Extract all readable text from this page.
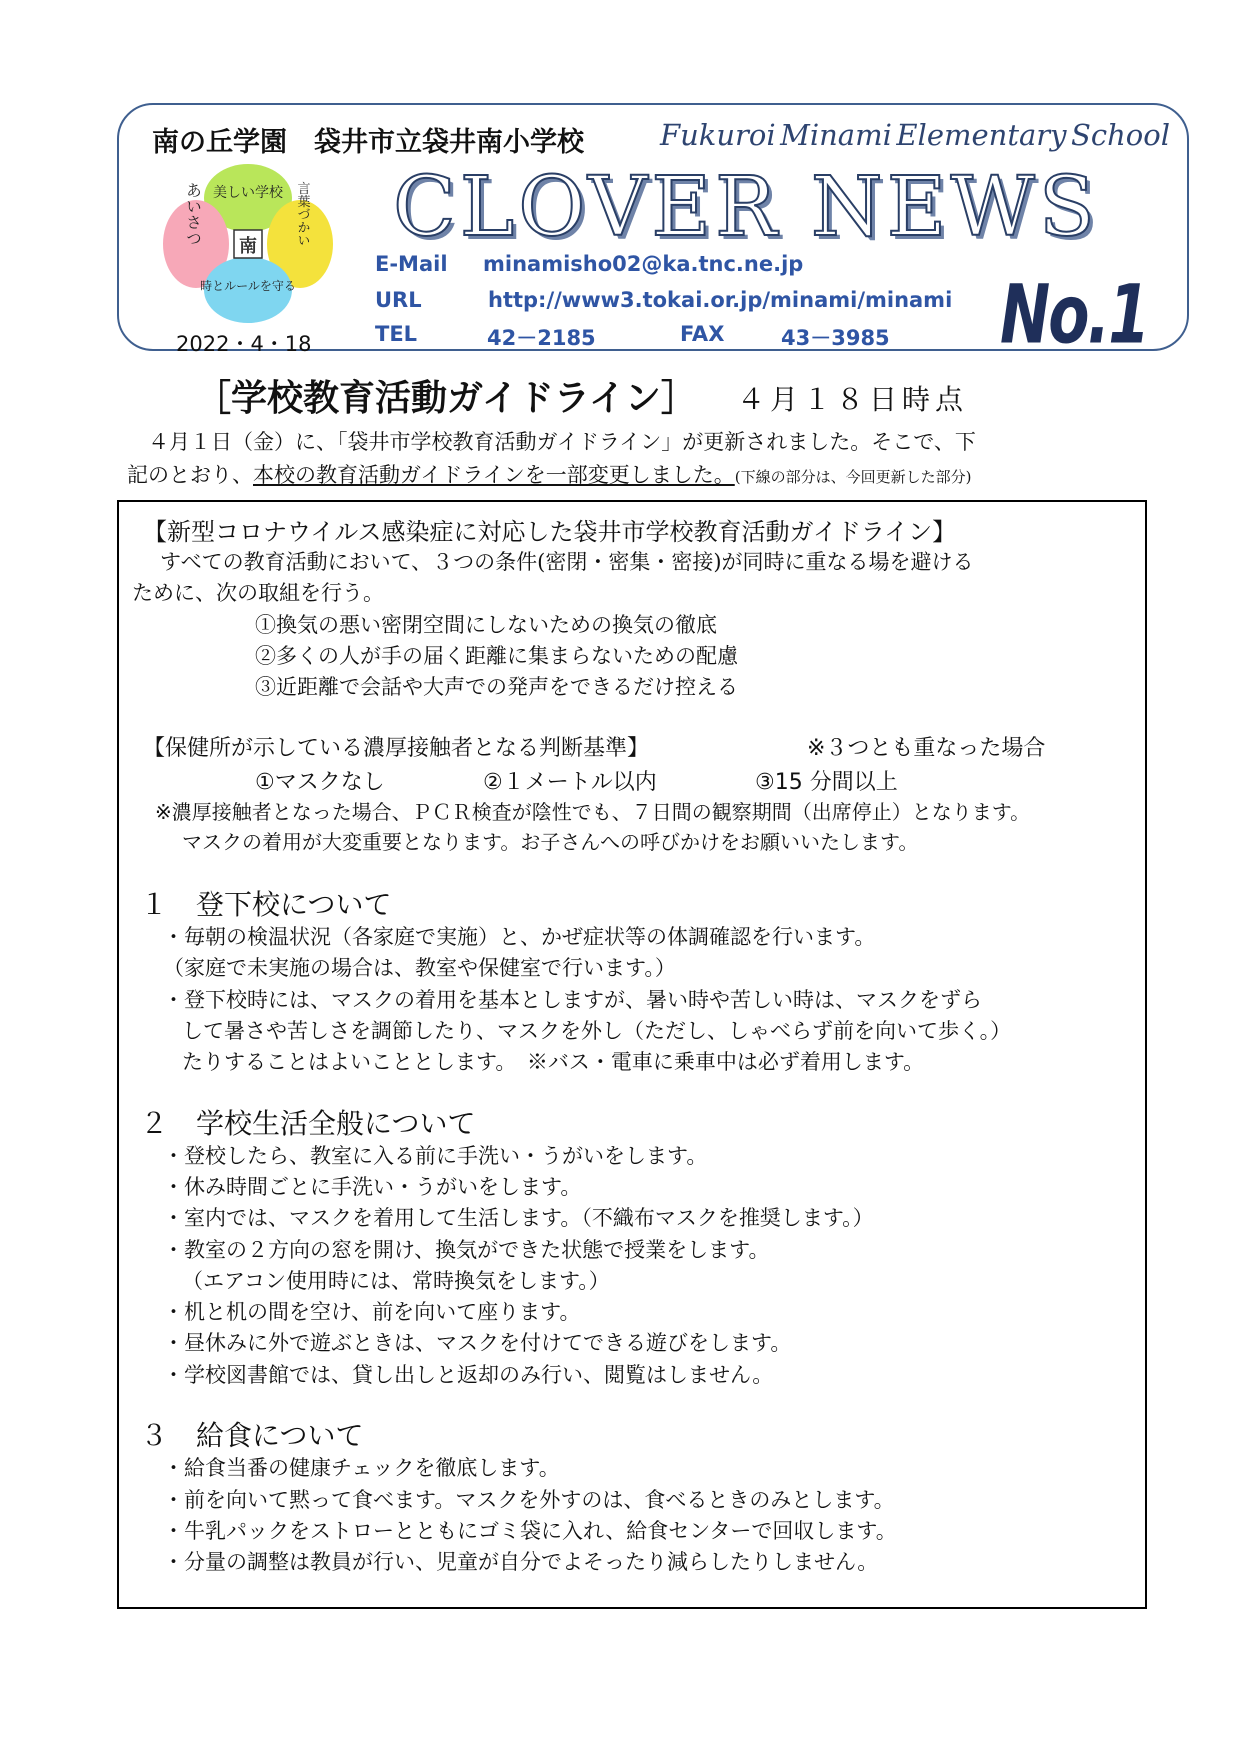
南の丘学園　袋井市立袋井南小学校	Fukuroi Minami Elementary School
南
美しい学校
あいさつ	言葉づかい
時とルールを守る
CLOVER NEWS
E-Mail minamisho02@ka.tnc.ne.jp
URL	http://www3.tokai.or.jp/minami/minami
TEL	42－2185	FAX	43－3985 No.1
2022・4・18
［学校教育活動ガイドライン］ ４月１８日時点
４月１日（金）に、「袋井市学校教育活動ガイドライン」が更新されました。そこで、下
記のとおり、本校の教育活動ガイドラインを一部変更しました。(下線の部分は、今回更新した部分)
【新型コロナウイルス感染症に対応した袋井市学校教育活動ガイドライン】
すべての教育活動において、３つの条件(密閉・密集・密接)が同時に重なる場を避ける
ために、次の取組を行う。
①換気の悪い密閉空間にしないための換気の徹底
②多くの人が手の届く距離に集まらないための配慮
③近距離で会話や大声での発声をできるだけ控える
【保健所が示している濃厚接触者となる判断基準】	※３つとも重なった場合
①マスクなし	②１メートル以内	③15 分間以上
※濃厚接触者となった場合、ＰＣＲ検査が陰性でも、７日間の観察期間（出席停止）となります。
マスクの着用が大変重要となります。お子さんへの呼びかけをお願いいたします。
１　登下校について
・毎朝の検温状況（各家庭で実施）と、かぜ症状等の体調確認を行います。
（家庭で未実施の場合は、教室や保健室で行います。）
・登下校時には、マスクの着用を基本としますが、暑い時や苦しい時は、マスクをずら
して暑さや苦しさを調節したり、マスクを外し（ただし、しゃべらず前を向いて歩く。）
たりすることはよいこととします。　※バス・電車に乗車中は必ず着用します。
２　学校生活全般について
・登校したら、教室に入る前に手洗い・うがいをします。
・休み時間ごとに手洗い・うがいをします。
・室内では、マスクを着用して生活します。（不織布マスクを推奨します。）
・教室の２方向の窓を開け、換気ができた状態で授業をします。
（エアコン使用時には、常時換気をします。）
・机と机の間を空け、前を向いて座ります。
・昼休みに外で遊ぶときは、マスクを付けてできる遊びをします。
・学校図書館では、貸し出しと返却のみ行い、閲覧はしません。
３　給食について
・給食当番の健康チェックを徹底します。
・前を向いて黙って食べます。マスクを外すのは、食べるときのみとします。
・牛乳パックをストローとともにゴミ袋に入れ、給食センターで回収します。
・分量の調整は教員が行い、児童が自分でよそったり減らしたりしません。
